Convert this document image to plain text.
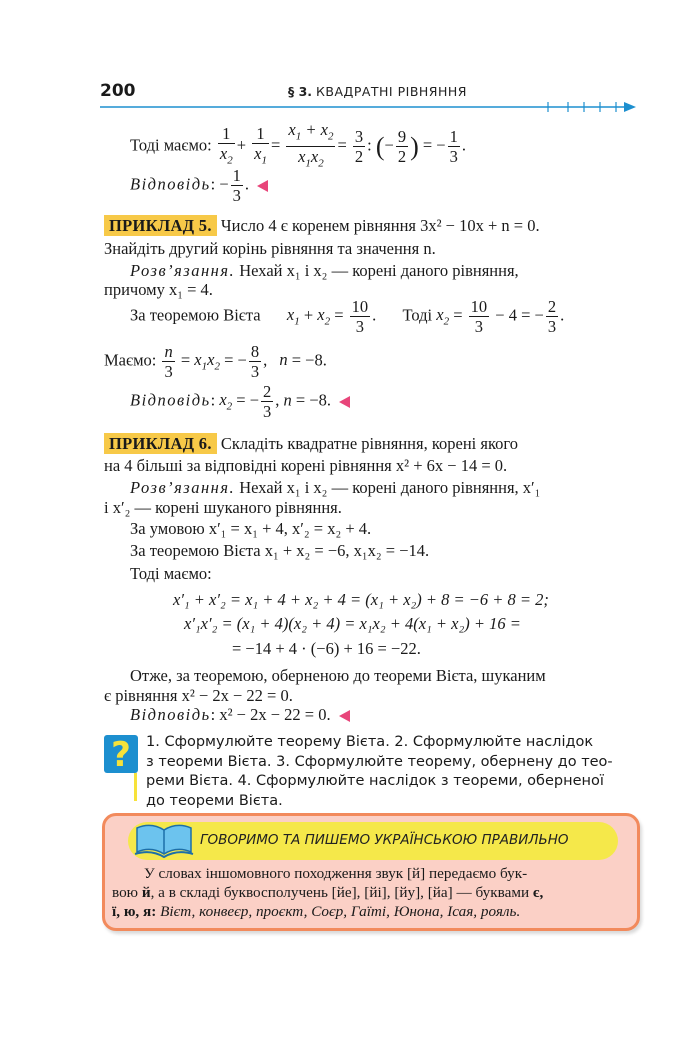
200	§ 3. КВАДРАТНІ РІВНЯННЯ
Тоді маємо: $\frac{1}{x_2} + \frac{1}{x_1} = \frac{x_1 + x_2}{x_1x_2} = \frac{3}{2}$ : (− $\frac{9}{2}$ ) = − $\frac{1}{3}$ .
Відповідь: − $\frac{1}{3}$ .
ПРИКЛАД 5. Число 4 є коренем рівняння 3x² − 10x + n = 0.
Знайдіть другий корінь рівняння та значення n.
Розв’язання. Нехай x₁ і x₂ — корені даного рівняння,
причому x₁ = 4.
За теоремою Вієта $x_1 + x_2 = \frac{10}{3}$ .  Тоді $x_2 = \frac{10}{3} - 4$ = − $\frac{2}{3}$ .
Маємо: $\frac{n}{3} = x_1x_2$ = − $\frac{8}{3}$ , n = −8.
Відповідь: $x_2$ = − $\frac{2}{3}$ , n = −8.
ПРИКЛАД 6. Складіть квадратне рівняння, корені якого
на 4 більші за відповідні корені рівняння x² + 6x − 14 = 0.
Розв’язання. Нехай x₁ і x₂ — корені даного рівняння, x′₁
і x′₂ — корені шуканого рівняння.
За умовою x′₁ = x₁ + 4, x′₂ = x₂ + 4.
За теоремою Вієта x₁ + x₂ = −6, x₁x₂ = −14.
Тоді маємо:
x′₁ + x′₂ = x₁ + 4 + x₂ + 4 = (x₁ + x₂) + 8 = −6 + 8 = 2;
x′₁x′₂ = (x₁ + 4)(x₂ + 4) = x₁x₂ + 4(x₁ + x₂) + 16 =
= −14 + 4 · (−6) + 16 = −22.
Отже, за теоремою, оберненою до теореми Вієта, шуканим
є рівняння x² − 2x − 22 = 0.
Відповідь: x² − 2x − 22 = 0.
? 1. Сформулюйте теорему Вієта. 2. Сформулюйте наслідок
з теореми Вієта. 3. Сформулюйте теорему, обернену до тео-
реми Вієта. 4. Сформулюйте наслідок з теореми, оберненої
до теореми Вієта.
ГОВОРИМО ТА ПИШЕМО УКРАЇНСЬКОЮ ПРАВИЛЬНО
У словах іншомовного походження звук [й] передаємо бук-
вою й, а в складі буквосполучень [йе], [йі], [йу], [йа] — буквами є,
ї, ю, я: Вієт, конвеєр, проєкт, Соєр, Гаїті, Юнона, Ісая, рояль.
